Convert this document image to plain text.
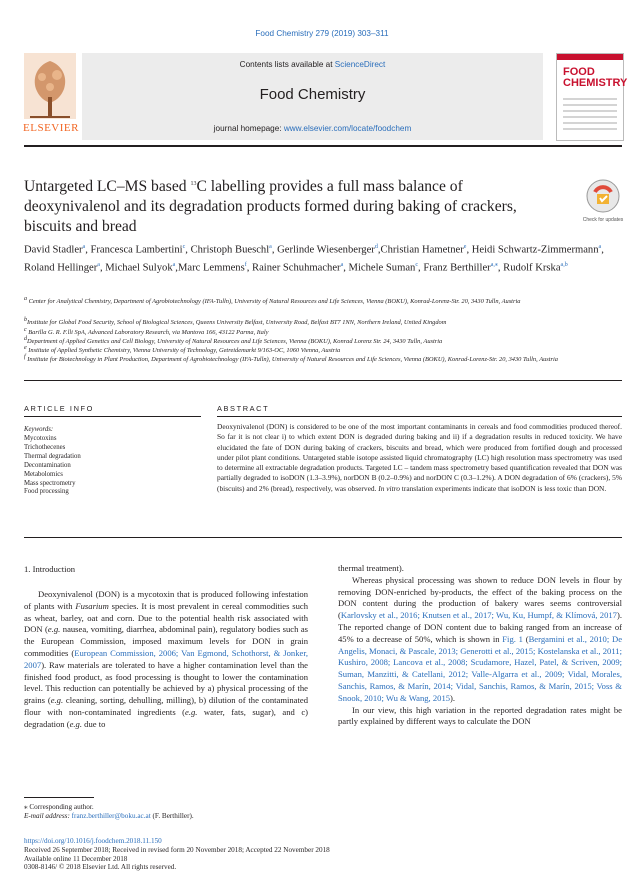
Food Chemistry 279 (2019) 303–311
Contents lists available at ScienceDirect
Food Chemistry
journal homepage: www.elsevier.com/locate/foodchem
ELSEVIER
FOOD
CHEMISTRY
Untargeted LC–MS based $^{13}$C labelling provides a full mass balance of deoxynivalenol and its degradation products formed during baking of crackers, biscuits and bread	Check for updates
David Stadler$^a$, Francesca Lambertini$^c$, Christoph Bueschl$^a$, Gerlinde Wiesenberger$^d$,Christian Hametner$^e$, Heidi Schwartz-Zimmermann$^a$, Roland Hellinger$^a$, Michael Sulyok$^a$,Marc Lemmens$^f$, Rainer Schuhmacher$^a$, Michele Suman$^c$, Franz Berthiller$^{a,⁎}$, Rudolf Krska$^{a,b}$
$^a$ Center for Analytical Chemistry, Department of Agrobiotechnology (IFA-Tulln), University of Natural Resources and Life Sciences, Vienna (BOKU), Konrad-Lorenz-Str. 20, 3430 Tulln, Austria
$^b$Institute for Global Food Security, School of Biological Sciences, Queens University Belfast, University Road, Belfast BT7 1NN, Northern Ireland, United Kingdom
$^c$ Barilla G. R. F.lli SpA, Advanced Laboratory Research, via Mantova 166, 43122 Parma, Italy
$^d$Department of Applied Genetics and Cell Biology, University of Natural Resources and Life Sciences, Vienna (BOKU), Konrad Lorenz Str. 24, 3430 Tulln, Austria
$^e$ Institute of Applied Synthetic Chemistry, Vienna University of Technology, Getreidemarkt 9/163-OC, 1060 Vienna, Austria
$^f$ Institute for Biotechnology in Plant Production, Department of Agrobiotechnology (IFA-Tulln), University of Natural Resources and Life Sciences, Vienna (BOKU), Konrad-Lorenz-Str. 20, 3430 Tulln, Austria
ARTICLE INFO
Keywords:
Mycotoxins
Trichothecenes
Thermal degradation
Decontamination
Metabolomics
Mass spectrometry
Food processing
ABSTRACT
Deoxynivalenol (DON) is considered to be one of the most important contaminants in cereals and food commodities produced thereof. So far it is not clear i) to which extent DON is degraded during baking and ii) if a degradation results in reduced toxicity. We have elucidated the fate of DON during baking of crackers, biscuits and bread, which were produced from fortified dough and processed under pilot plant conditions. Untargeted stable isotope assisted liquid chromatography (LC) high resolution mass spectrometry was used to determine all extractable degradation products. Targeted LC – tandem mass spectrometry based quantification revealed that DON was partially degraded to isoDON (1.3–3.9%), norDON B (0.2–0.9%) and norDON C (0.3–1.2%). A DON degradation of 6% (crackers), 5% (biscuits) and 2% (bread), respectively, was observed. In vitro translation experiments indicate that isoDON is less toxic than DON.
1. Introduction
Deoxynivalenol (DON) is a mycotoxin that is produced following infestation of plants with Fusarium species. It is most prevalent in cereal commodities such as wheat, barley, oat and corn. Due to the potential health risk associated with DON (e.g. nausea, vomiting, diarrhea, abdominal pain), regulatory bodies such as the European Commission, imposed maximum levels for DON in grain commodities (European Commission, 2006; Van Egmond, Schothorst, & Jonker, 2007). Raw materials are tolerated to have a higher contamination level than the finished food product, as food processing is thought to lower the contamination level. This reduction can potentially be achieved by a) physical processing of the grains (e.g. cleaning, sorting, dehulling, milling), b) dilution of the contaminated flour with non-contaminated ingredients (e.g. water, fats, sugar), and c) degradation (e.g. due to
thermal treatment).
Whereas physical processing was shown to reduce DON levels in flour by removing DON-enriched by-products, the effect of the baking process on the DON content during the production of bakery wares seems controversial (Karlovsky et al., 2016; Knutsen et al., 2017; Wu, Ku, Humpf, & Klímová, 2017). The reported change of DON content due to baking ranged from an increase of 45% to a decrease of 50%, which is shown in Fig. 1 (Bergamini et al., 2010; De Angelis, Monaci, & Pascale, 2013; Generotti et al., 2015; Kostelanska et al., 2011; Kushiro, 2008; Lancova et al., 2008; Scudamore, Hazel, Patel, & Scriven, 2009; Suman, Manzitti, & Catellani, 2012; Valle-Algarra et al., 2009; Vidal, Morales, Sanchis, Ramos, & Marín, 2014; Vidal, Sanchis, Ramos, & Marín, 2015; Voss & Snook, 2010; Wu & Wang, 2015).
In our view, this high variation in the reported degradation rates might be partly explained by different ways to calculate the DON
⁎ Corresponding author.
E-mail address: franz.berthiller@boku.ac.at (F. Berthiller).
https://doi.org/10.1016/j.foodchem.2018.11.150
Received 26 September 2018; Received in revised form 20 November 2018; Accepted 22 November 2018
Available online 11 December 2018
0308-8146/ © 2018 Elsevier Ltd. All rights reserved.
